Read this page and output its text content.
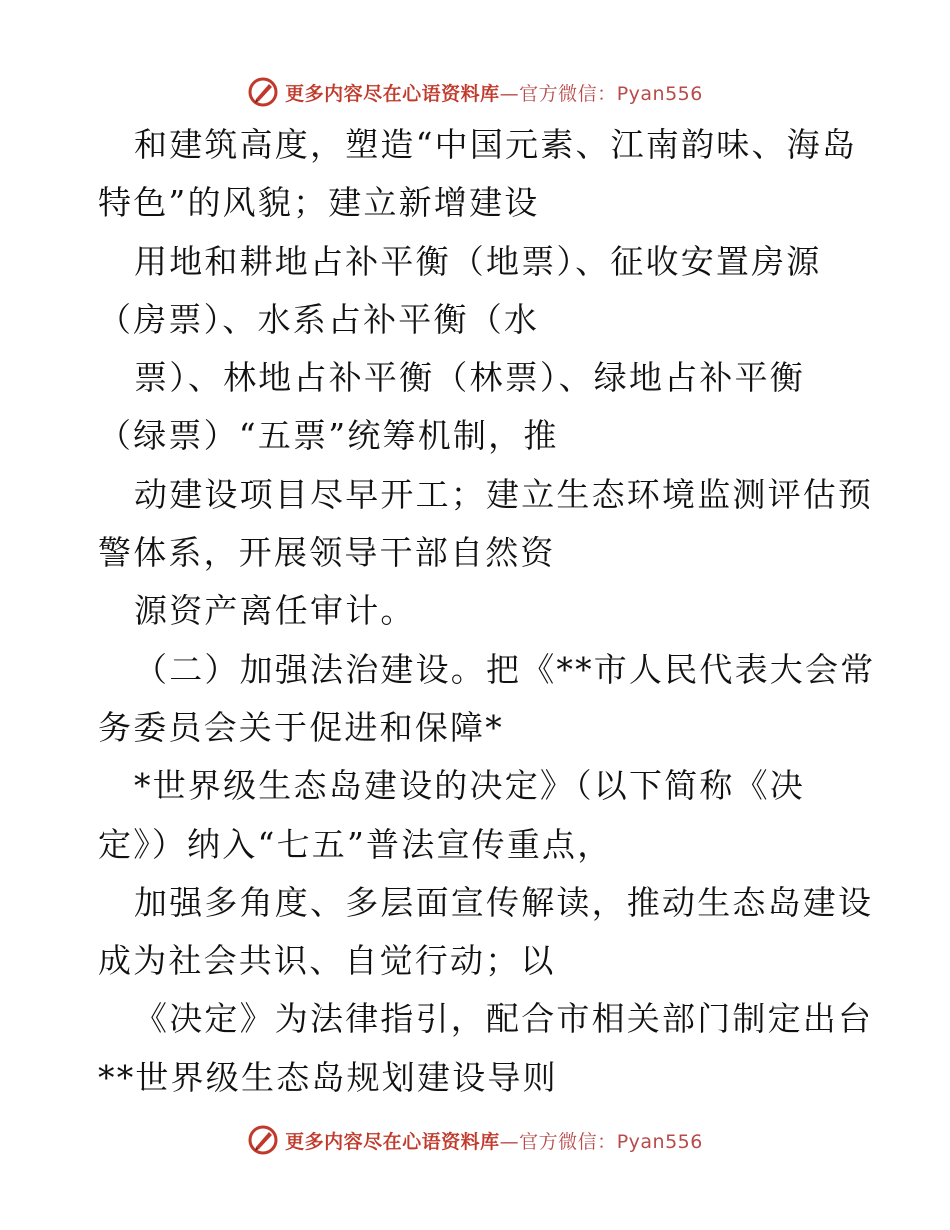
更多内容尽在心语资料库—官方微信：Pyan556
和建筑高度，塑造“中国元素、江南韵味、海岛
特色”的风貌；建立新增建设
用地和耕地占补平衡（地票）、征收安置房源
（房票）、水系占补平衡（水
票）、林地占补平衡（林票）、绿地占补平衡
（绿票）“五票”统筹机制，推
动建设项目尽早开工；建立生态环境监测评估预
警体系，开展领导干部自然资
源资产离任审计。
（二）加强法治建设。把《**市人民代表大会常
务委员会关于促进和保障*
*世界级生态岛建设的决定》（以下简称《决
定》）纳入“七五”普法宣传重点，
加强多角度、多层面宣传解读，推动生态岛建设
成为社会共识、自觉行动；以
《决定》为法律指引，配合市相关部门制定出台
**世界级生态岛规划建设导则
更多内容尽在心语资料库—官方微信：Pyan556
